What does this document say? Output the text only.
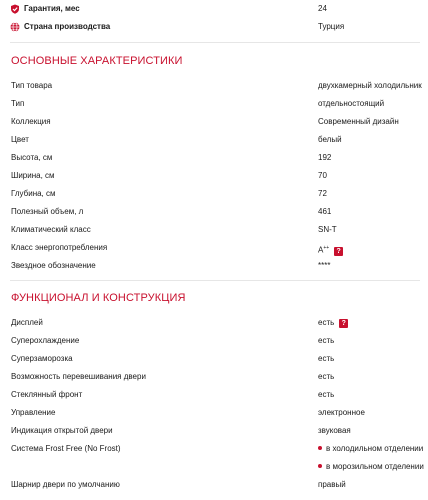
Гарантия, мес	24
Страна производства	Турция
ОСНОВНЫЕ ХАРАКТЕРИСТИКИ
Тип товара	двухкамерный холодильник
Тип	отдельностоящий
Коллекция	Современный дизайн
Цвет	белый
Высота, см	192
Ширина, см	70
Глубина, см	72
Полезный объем, л	461
Климатический класс	SN-T
Класс энергопотребления	A++ ?
Звездное обозначение	****
ФУНКЦИОНАЛ И КОНСТРУКЦИЯ
Дисплей	есть ?
Суперохлаждение	есть
Суперзаморозка	есть
Возможность перевешивания двери	есть
Стеклянный фронт	есть
Управление	электронное
Индикация открытой двери	звуковая
Система Frost Free (No Frost)	в холодильном отделении
в морозильном отделении
Шарнир двери по умолчанию	правый
